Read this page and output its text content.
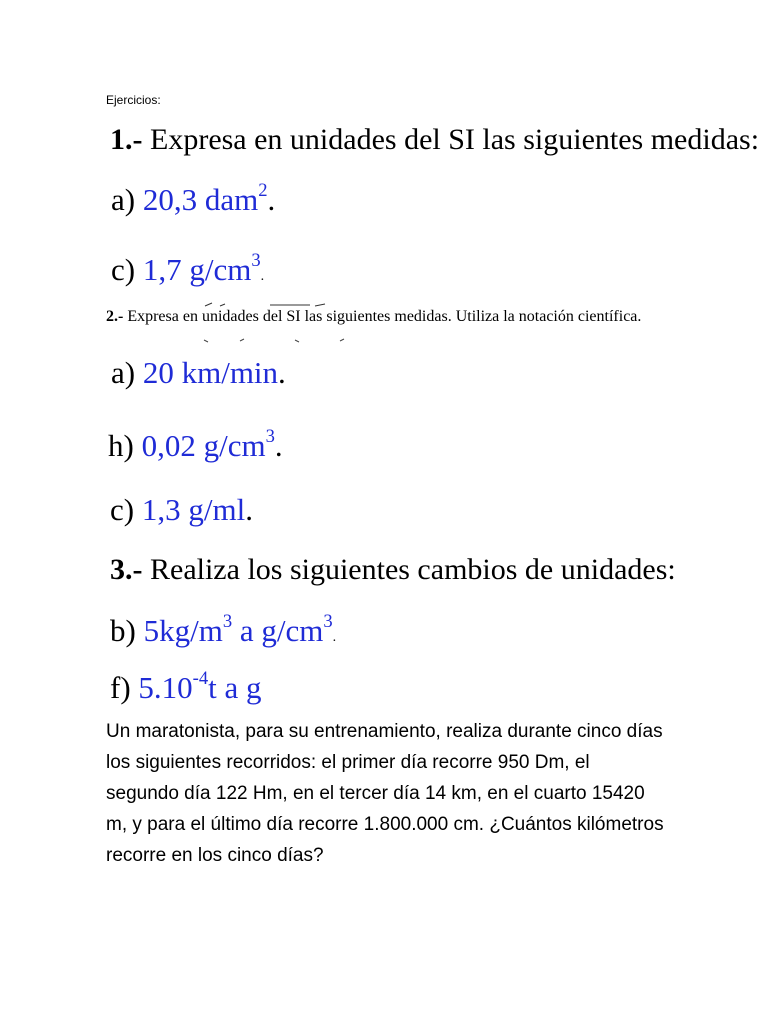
Ejercicios:
1.- Expresa en unidades del SI las siguientes medidas:
a) 20,3 dam$^2$.
c) 1,7 $g/cm^3$.
2.- Expresa en unidades del SI las siguientes medidas. Utiliza la notación científica.
a) 20 km/min.
h) 0,02 $g/cm^3$.
c) 1,3 g/ml.
3.- Realiza los siguientes cambios de unidades:
b) $5kg/m^3$ a $g/cm^3$.
f) $5.10^{-4}t$ a g
Un maratonista, para su entrenamiento, realiza durante cinco días los siguientes recorridos: el primer día recorre 950 Dm, el segundo día 122 Hm, en el tercer día 14 km, en el cuarto 15420 m, y para el último día recorre 1.800.000 cm. ¿Cuántos kilómetros recorre en los cinco días?
